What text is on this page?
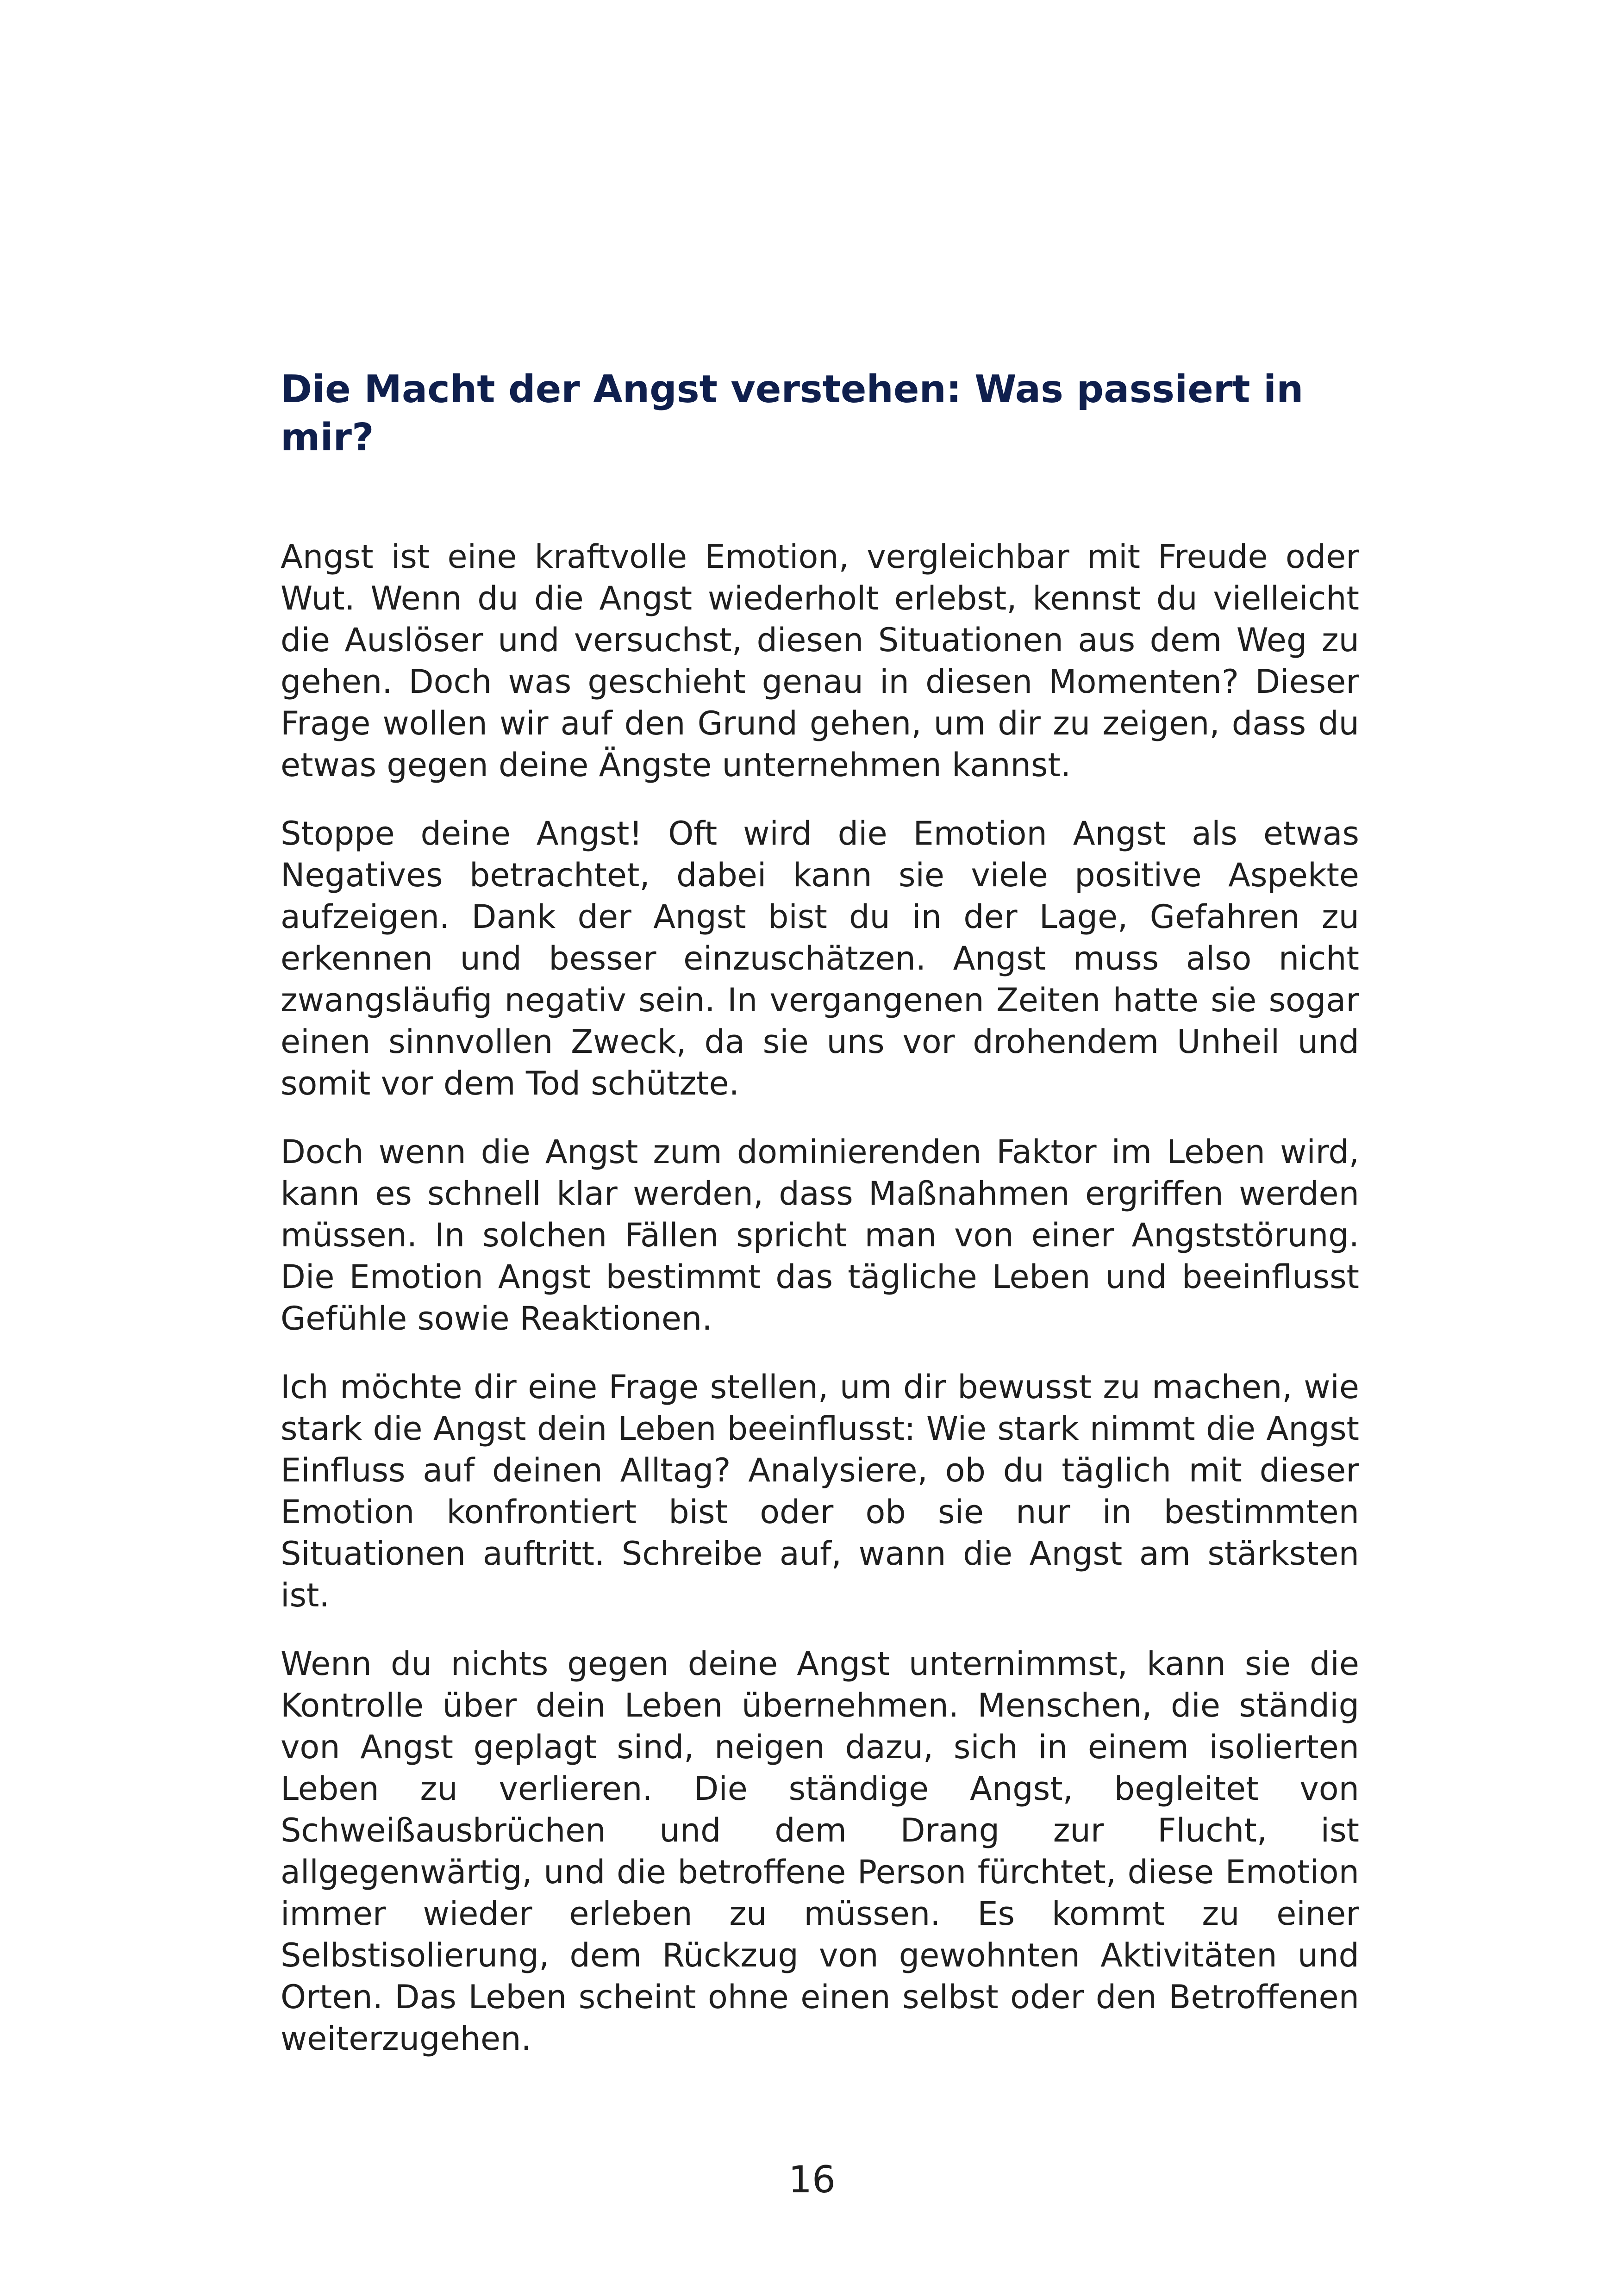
Die Macht der Angst verstehen: Was passiert in mir?

Angst ist eine kraftvolle Emotion, vergleichbar mit Freude oder Wut. Wenn du die Angst wiederholt erlebst, kennst du vielleicht die Auslöser und versuchst, diesen Situationen aus dem Weg zu gehen. Doch was geschieht genau in diesen Momenten? Dieser Frage wollen wir auf den Grund gehen, um dir zu zeigen, dass du etwas gegen deine Ängste unternehmen kannst.

Stoppe deine Angst! Oft wird die Emotion Angst als etwas Negatives betrachtet, dabei kann sie viele positive Aspekte aufzeigen. Dank der Angst bist du in der Lage, Gefahren zu erkennen und besser einzuschätzen. Angst muss also nicht zwangsläufig negativ sein. In vergangenen Zeiten hatte sie sogar einen sinnvollen Zweck, da sie uns vor drohendem Unheil und somit vor dem Tod schützte.

Doch wenn die Angst zum dominierenden Faktor im Leben wird, kann es schnell klar werden, dass Maßnahmen ergriffen werden müssen. In solchen Fällen spricht man von einer Angststörung. Die Emotion Angst bestimmt das tägliche Leben und beeinflusst Gefühle sowie Reaktionen.

Ich möchte dir eine Frage stellen, um dir bewusst zu machen, wie stark die Angst dein Leben beeinflusst: Wie stark nimmt die Angst Einfluss auf deinen Alltag? Analysiere, ob du täglich mit dieser Emotion konfrontiert bist oder ob sie nur in bestimmten Situationen auftritt. Schreibe auf, wann die Angst am stärksten ist.

Wenn du nichts gegen deine Angst unternimmst, kann sie die Kontrolle über dein Leben übernehmen. Menschen, die ständig von Angst geplagt sind, neigen dazu, sich in einem isolierten Leben zu verlieren. Die ständige Angst, begleitet von Schweißausbrüchen und dem Drang zur Flucht, ist allgegenwärtig, und die betroffene Person fürchtet, diese Emotion immer wieder erleben zu müssen. Es kommt zu einer Selbstisolierung, dem Rückzug von gewohnten Aktivitäten und Orten. Das Leben scheint ohne einen selbst oder den Betroffenen weiterzugehen.

16
